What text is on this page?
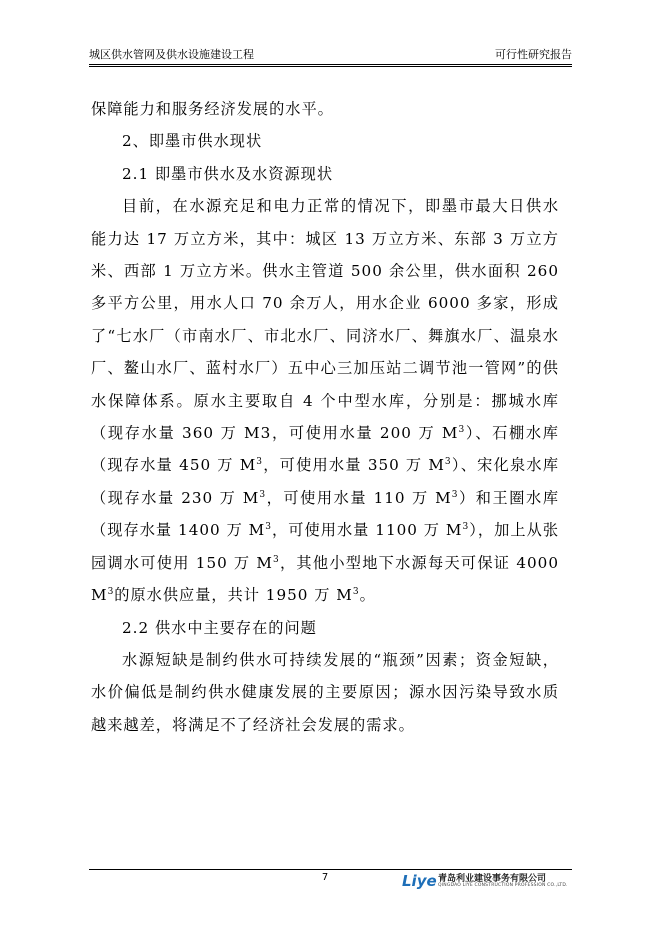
城区供水管网及供水设施建设工程	可行性研究报告

保障能力和服务经济发展的水平。

2、即墨市供水现状

2.1 即墨市供水及水资源现状

目前，在水源充足和电力正常的情况下，即墨市最大日供水能力达 17 万立方米，其中：城区 13 万立方米、东部 3 万立方米、西部 1 万立方米。供水主管道 500 余公里，供水面积 260 多平方公里，用水人口 70 余万人，用水企业 6000 多家，形成了“七水厂（市南水厂、市北水厂、同济水厂、舞旗水厂、温泉水厂、鳌山水厂、蓝村水厂）五中心三加压站二调节池一管网”的供水保障体系。原水主要取自 4 个中型水库，分别是：挪城水库（现存水量 360 万 M3，可使用水量 200 万 $M^3$）、石棚水库（现存水量 450 万 $M^3$，可使用水量 350 万 $M^3$）、宋化泉水库（现存水量 230 万 $M^3$，可使用水量 110 万 $M^3$）和王圈水库（现存水量 1400 万 $M^3$，可使用水量 1100 万 $M^3$），加上从张园调水可使用 150 万 $M^3$，其他小型地下水源每天可保证 4000 $M^3$的原水供应量，共计 1950 万 $M^3$。

2.2 供水中主要存在的问题

水源短缺是制约供水可持续发展的“瓶颈”因素；资金短缺，水价偏低是制约供水健康发展的主要原因；源水因污染导致水质越来越差，将满足不了经济社会发展的需求。

7	Liye 青岛利业建设事务有限公司
QINGDAO LIYE CONSTRUCTION PROFESSION CO.,LTD.
